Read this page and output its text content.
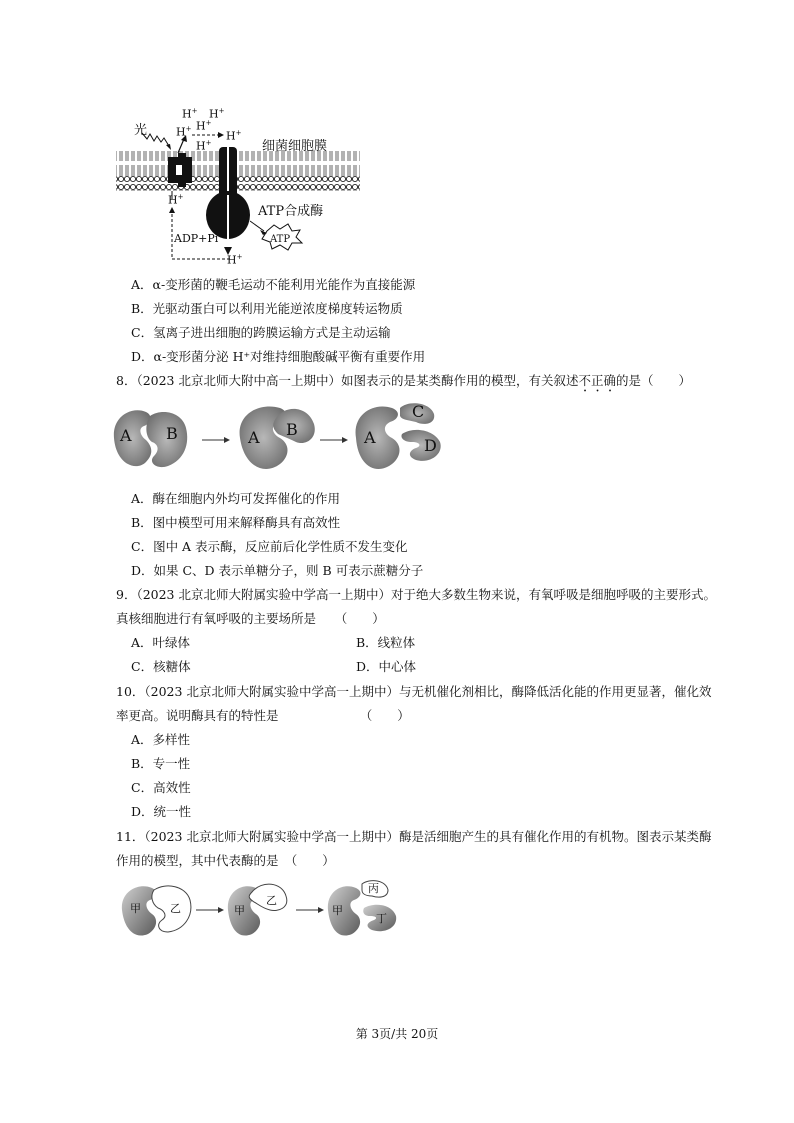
光
细菌细胞膜
ATP合成酶
ADP+Pi	ATP
H+ H+
H+ H+
H+
H+
H+
H+
A．α-变形菌的鞭毛运动不能利用光能作为直接能源
B．光驱动蛋白可以利用光能逆浓度梯度转运物质
C．氢离子进出细胞的跨膜运输方式是主动运输
D．α-变形菌分泌 H⁺对维持细胞酸碱平衡有重要作用
8．（2023 北京北师大附中高一上期中）如图表示的是某类酶作用的模型，有关叙述不正确的是（　　）
A B	A B	A
C
D
A．酶在细胞内外均可发挥催化的作用
B．图中模型可用来解释酶具有高效性
C．图中 A 表示酶，反应前后化学性质不发生变化
D．如果 C、D 表示单糖分子，则 B 可表示蔗糖分子
9．（2023 北京北师大附属实验中学高一上期中）对于绝大多数生物来说，有氧呼吸是细胞呼吸的主要形式。
真核细胞进行有氧呼吸的主要场所是　　（　　）
A．叶绿体	B．线粒体
C．核糖体	D．中心体
10．（2023 北京北师大附属实验中学高一上期中）与无机催化剂相比，酶降低活化能的作用更显著，催化效
率更高。说明酶具有的特性是　　　　　　　（　　）
A．多样性
B．专一性
C．高效性
D．统一性
11．（2023 北京北师大附属实验中学高一上期中）酶是活细胞产生的具有催化作用的有机物。图表示某类酶
作用的模型，其中代表酶的是　（　　）
甲	乙	甲
乙
甲
丙
丁
第 3页/共 20页
